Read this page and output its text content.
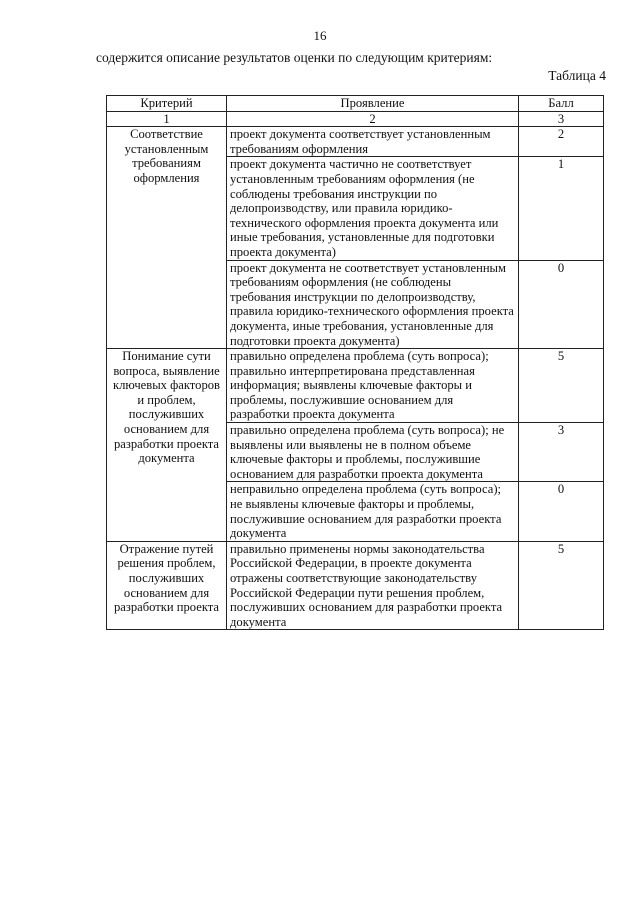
16
содержится описание результатов оценки по следующим критериям:
Таблица 4
Критерий	Проявление	Балл
1	2	3
Соответствие установленным требованиям оформления	проект документа соответствует установленным требованиям оформления	2
	проект документа частично не соответствует установленным требованиям оформления (не соблюдены требования инструкции по делопроизводству, или правила юридико-технического оформления проекта документа или иные требования, установленные для подготовки проекта документа)	1
	проект документа не соответствует установленным требованиям оформления (не соблюдены требования инструкции по делопроизводству, правила юридико-технического оформления проекта документа, иные требования, установленные для подготовки проекта документа)	0
Понимание сути вопроса, выявление ключевых факторов и проблем, послуживших основанием для разработки проекта документа	правильно определена проблема (суть вопроса); правильно интерпретирована представленная информация; выявлены ключевые факторы и проблемы, послужившие основанием для разработки проекта документа	5
	правильно определена проблема (суть вопроса); не выявлены или выявлены не в полном объеме ключевые факторы и проблемы, послужившие основанием для разработки проекта документа	3
	неправильно определена проблема (суть вопроса); не выявлены ключевые факторы и проблемы, послужившие основанием для разработки проекта документа	0
Отражение путей решения проблем, послуживших основанием для разработки проекта	правильно применены нормы законодательства Российской Федерации, в проекте документа отражены соответствующие законодательству Российской Федерации пути решения проблем, послуживших основанием для разработки проекта документа	5
